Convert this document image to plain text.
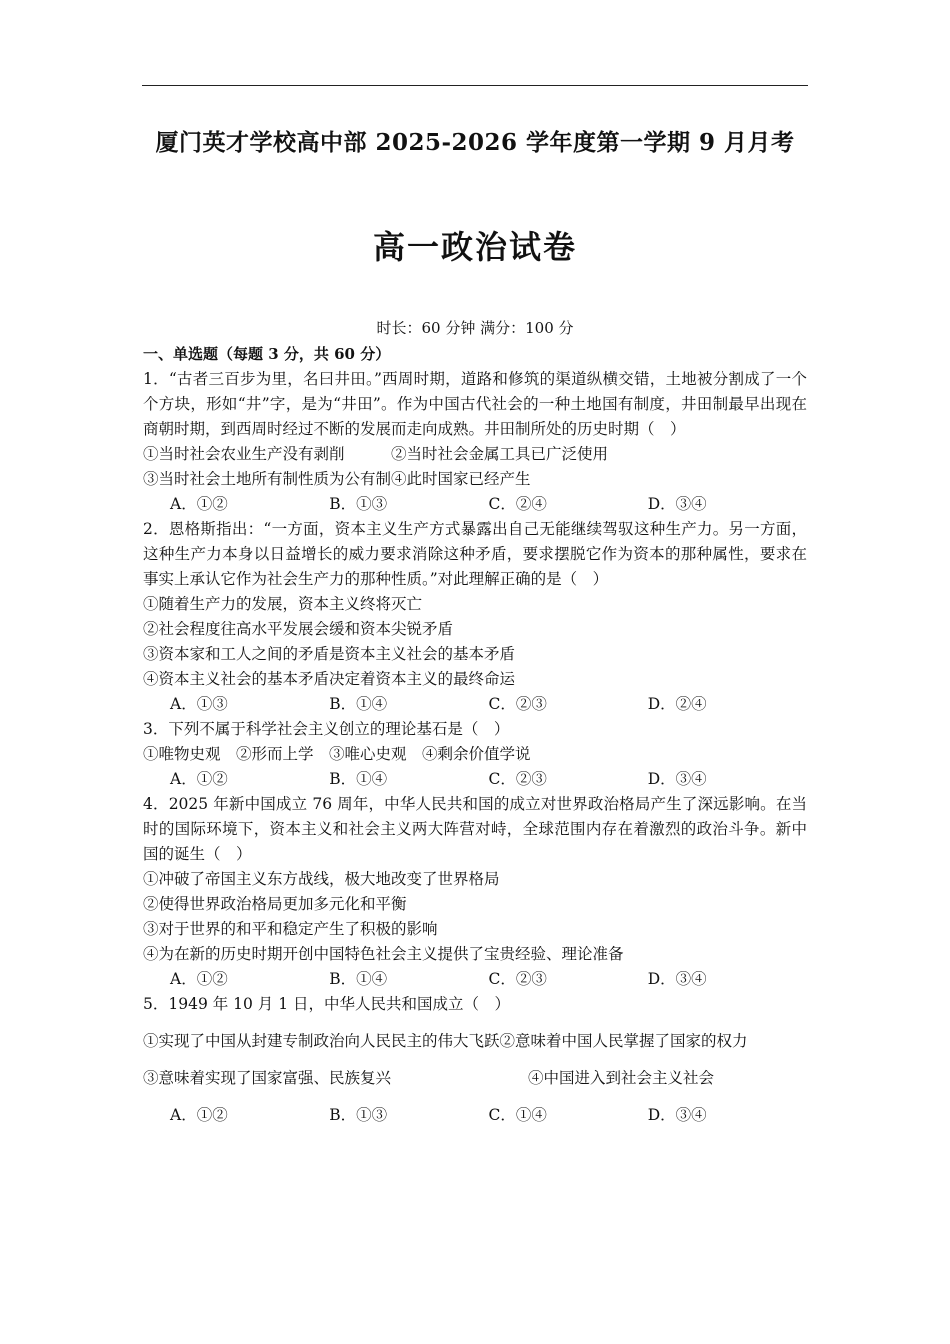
厦门英才学校高中部 2025-2026 学年度第一学期 9 月月考
高一政治试卷
时长：60 分钟 满分：100 分
一、单选题（每题 3 分，共 60 分）
1．“古者三百步为里，名曰井田。”西周时期，道路和修筑的渠道纵横交错，土地被分割成了一个个方块，形如“井”字，是为“井田”。作为中国古代社会的一种土地国有制度，井田制最早出现在商朝时期，到西周时经过不断的发展而走向成熟。井田制所处的历史时期（　）
①当时社会农业生产没有剥削　　　②当时社会金属工具已广泛使用
③当时社会土地所有制性质为公有制④此时国家已经产生
A．①②	B．①③	C．②④	D．③④
2．恩格斯指出：“一方面，资本主义生产方式暴露出自己无能继续驾驭这种生产力。另一方面，这种生产力本身以日益增长的威力要求消除这种矛盾，要求摆脱它作为资本的那种属性，要求在事实上承认它作为社会生产力的那种性质。”对此理解正确的是（　）
①随着生产力的发展，资本主义终将灭亡
②社会程度往高水平发展会缓和资本尖锐矛盾
③资本家和工人之间的矛盾是资本主义社会的基本矛盾
④资本主义社会的基本矛盾决定着资本主义的最终命运
A．①③	B．①④	C．②③	D．②④
3．下列不属于科学社会主义创立的理论基石是（　）
①唯物史观　②形而上学　③唯心史观　④剩余价值学说
A．①②	B．①④	C．②③	D．③④
4．2025 年新中国成立 76 周年，中华人民共和国的成立对世界政治格局产生了深远影响。在当时的国际环境下，资本主义和社会主义两大阵营对峙，全球范围内存在着激烈的政治斗争。新中国的诞生（　）
①冲破了帝国主义东方战线，极大地改变了世界格局
②使得世界政治格局更加多元化和平衡
③对于世界的和平和稳定产生了积极的影响
④为在新的历史时期开创中国特色社会主义提供了宝贵经验、理论准备
A．①②	B．①④	C．②③	D．③④
5．1949 年 10 月 1 日，中华人民共和国成立（　）
①实现了中国从封建专制政治向人民民主的伟大飞跃②意味着中国人民掌握了国家的权力
③意味着实现了国家富强、民族复兴	④中国进入到社会主义社会
A．①②	B．①③	C．①④	D．③④
